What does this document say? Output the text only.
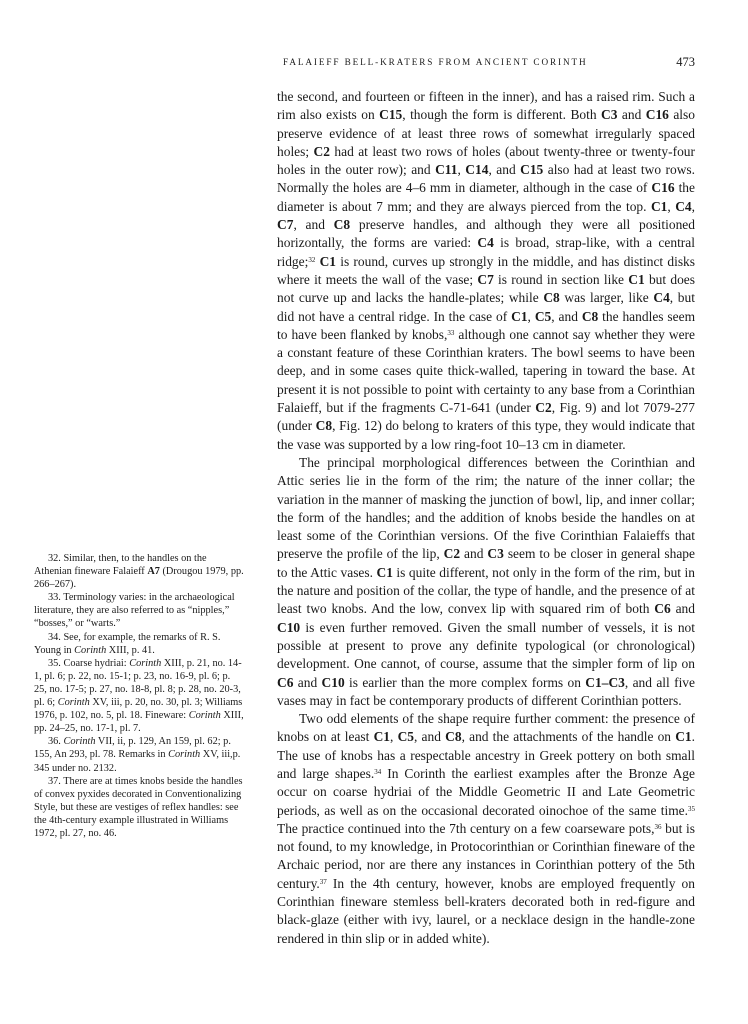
FALAIEFF BELL-KRATERS FROM ANCIENT CORINTH	473

the second, and fourteen or fifteen in the inner), and has a raised rim. Such a rim also exists on C15, though the form is different. Both C3 and C16 also preserve evidence of at least three rows of somewhat irregularly spaced holes; C2 had at least two rows of holes (about twenty-three or twenty-four holes in the outer row); and C11, C14, and C15 also had at least two rows. Normally the holes are 4–6 mm in diameter, although in the case of C16 the diameter is about 7 mm; and they are always pierced from the top. C1, C4, C7, and C8 preserve handles, and although they were all positioned horizontally, the forms are varied: C4 is broad, strap-like, with a central ridge;$^{32}$ C1 is round, curves up strongly in the middle, and has distinct disks where it meets the wall of the vase; C7 is round in section like C1 but does not curve up and lacks the handle-plates; while C8 was larger, like C4, but did not have a central ridge. In the case of C1, C5, and C8 the handles seem to have been flanked by knobs,$^{33}$ although one cannot say whether they were a constant feature of these Corinthian kraters. The bowl seems to have been deep, and in some cases quite thick-walled, tapering in toward the base. At present it is not possible to point with certainty to any base from a Corinthian Falaieff, but if the fragments C-71-641 (under C2, Fig. 9) and lot 7079-277 (under C8, Fig. 12) do belong to kraters of this type, they would indicate that the vase was supported by a low ring-foot 10–13 cm in diameter.

The principal morphological differences between the Corinthian and Attic series lie in the form of the rim; the nature of the inner collar; the variation in the manner of masking the junction of bowl, lip, and inner collar; the form of the handles; and the addition of knobs beside the handles on at least some of the Corinthian versions. Of the five Corinthian Falaieffs that preserve the profile of the lip, C2 and C3 seem to be closer in general shape to the Attic vases. C1 is quite different, not only in the form of the rim, but in the nature and position of the collar, the type of handle, and the presence of at least two knobs. And the low, convex lip with squared rim of both C6 and C10 is even further removed. Given the small number of vessels, it is not possible at present to prove any definite typological (or chronological) development. One cannot, of course, assume that the simpler form of lip on C6 and C10 is earlier than the more complex forms on C1–C3, and all five vases may in fact be contemporary products of different Corinthian potters.

Two odd elements of the shape require further comment: the presence of knobs on at least C1, C5, and C8, and the attachments of the handle on C1. The use of knobs has a respectable ancestry in Greek pottery on both small and large shapes.$^{34}$ In Corinth the earliest examples after the Bronze Age occur on coarse hydriai of the Middle Geometric II and Late Geometric periods, as well as on the occasional decorated oinochoe of the same time.$^{35}$ The practice continued into the 7th century on a few coarseware pots,$^{36}$ but is not found, to my knowledge, in Protocorinthian or Corinthian fineware of the Archaic period, nor are there any instances in Corinthian pottery of the 5th century.$^{37}$ In the 4th century, however, knobs are employed frequently on Corinthian fineware stemless bell-kraters decorated both in red-figure and black-glaze (either with ivy, laurel, or a necklace design in the handle-zone rendered in thin slip or in added white).

32. Similar, then, to the handles on the Athenian fineware Falaieff A7 (Drougou 1979, pp. 266–267).

33. Terminology varies: in the archaeological literature, they are also referred to as “nipples,” “bosses,” or “warts.”

34. See, for example, the remarks of R. S. Young in Corinth XIII, p. 41.

35. Coarse hydriai: Corinth XIII, p. 21, no. 14-1, pl. 6; p. 22, no. 15-1; p. 23, no. 16-9, pl. 6; p. 25, no. 17-5; p. 27, no. 18-8, pl. 8; p. 28, no. 20-3, pl. 6; Corinth XV, iii, p. 20, no. 30, pl. 3; Williams 1976, p. 102, no. 5, pl. 18. Fineware: Corinth XIII, pp. 24–25, no. 17-1, pl. 7.

36. Corinth VII, ii, p. 129, An 159, pl. 62; p. 155, An 293, pl. 78. Remarks in Corinth XV, iii,p. 345 under no. 2132.

37. There are at times knobs beside the handles of convex pyxides decorated in Conventionalizing Style, but these are vestiges of reflex handles: see the 4th-century example illustrated in Williams 1972, pl. 27, no. 46.
